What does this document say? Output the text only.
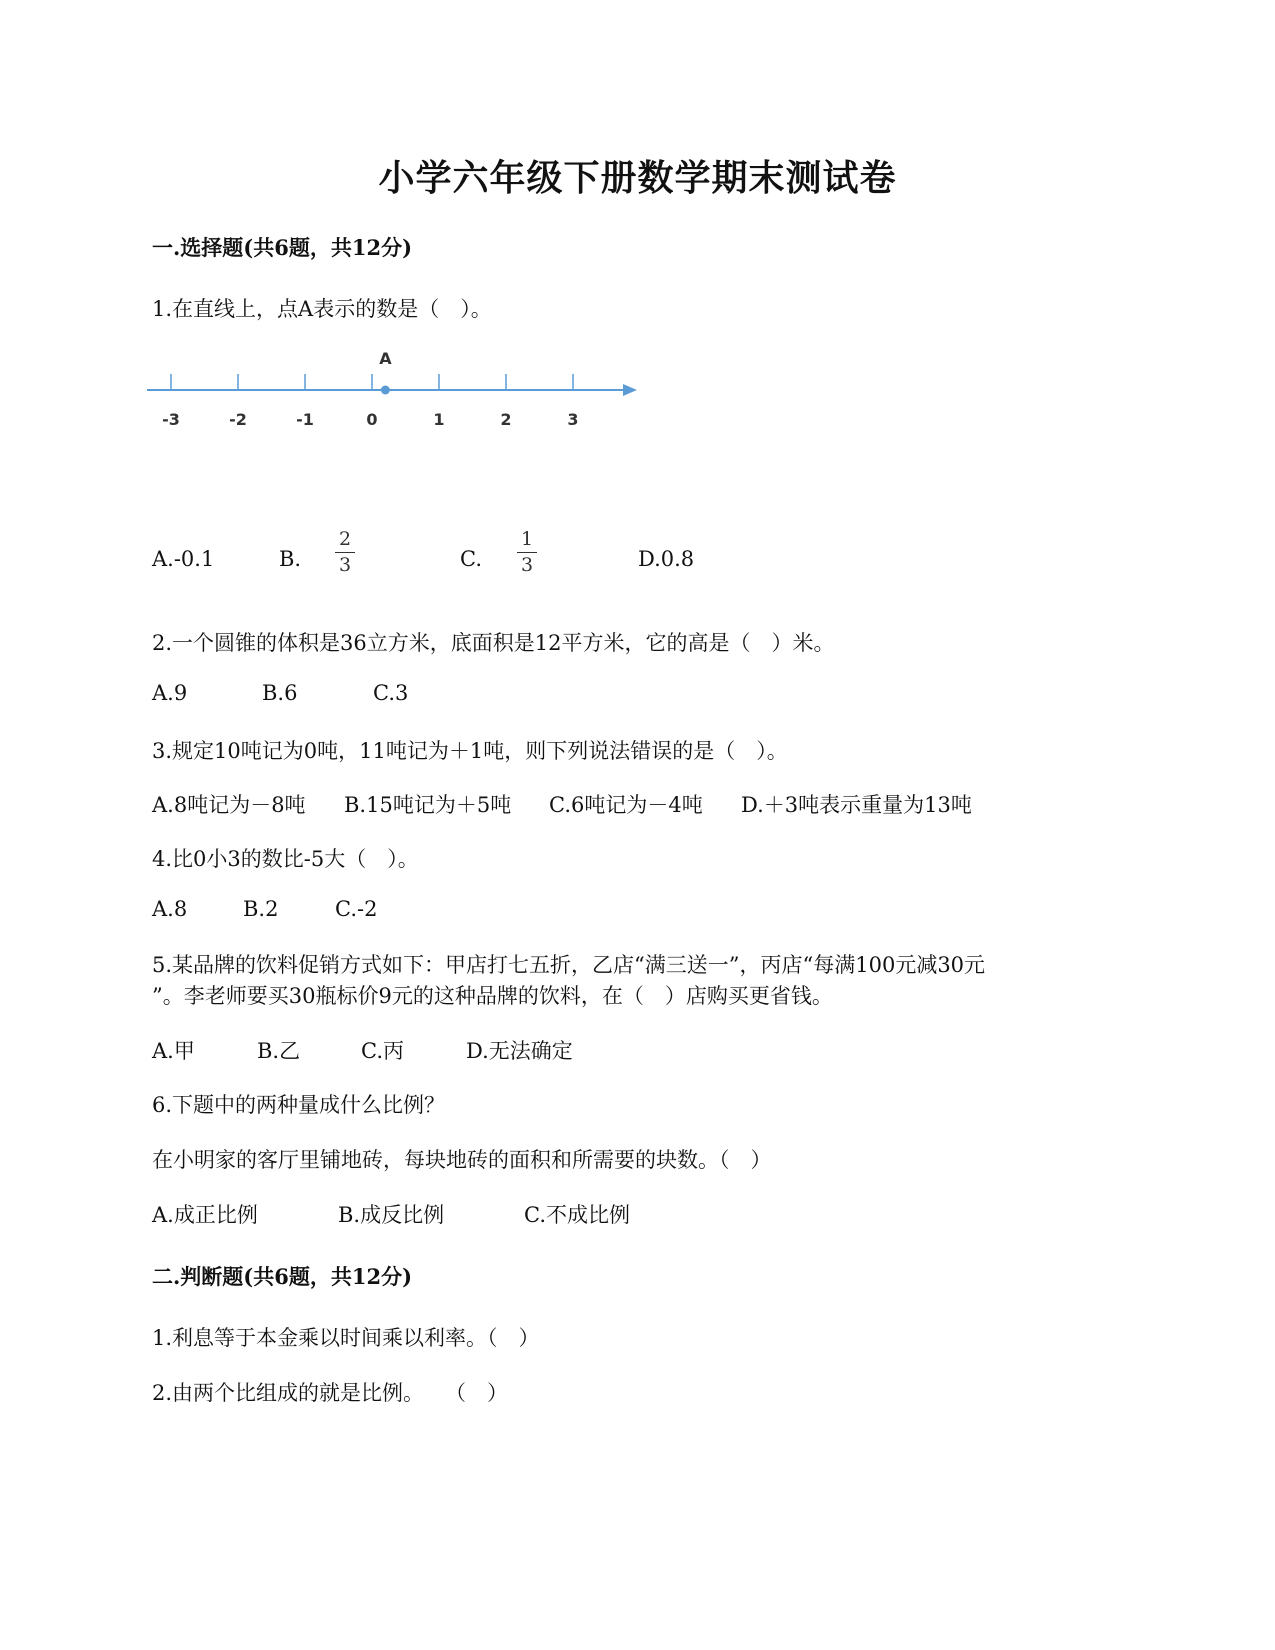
小学六年级下册数学期末测试卷
一.选择题(共6题，共12分)
1.在直线上，点A表示的数是（　）。
-3	-2	-1	0	1	2	3
A
A.-0.1	B.
2
3	C.
1
3	D.0.8
2.一个圆锥的体积是36立方米，底面积是12平方米，它的高是（　）米。
A.9	B.6	C.3
3.规定10吨记为0吨，11吨记为＋1吨，则下列说法错误的是（　）。
A.8吨记为－8吨 B.15吨记为＋5吨 C.6吨记为－4吨 D.＋3吨表示重量为13吨
4.比0小3的数比-5大（　）。
A.8	B.2	C.-2
5.某品牌的饮料促销方式如下：甲店打七五折，乙店“满三送一”，丙店“每满100元减30元
”。李老师要买30瓶标价9元的这种品牌的饮料，在（　）店购买更省钱。
A.甲	B.乙	C.丙	D.无法确定
6.下题中的两种量成什么比例？
在小明家的客厅里铺地砖，每块地砖的面积和所需要的块数。（　）
A.成正比例	B.成反比例	C.不成比例
二.判断题(共6题，共12分)
1.利息等于本金乘以时间乘以利率。（　）
2.由两个比组成的就是比例。　　（　）
